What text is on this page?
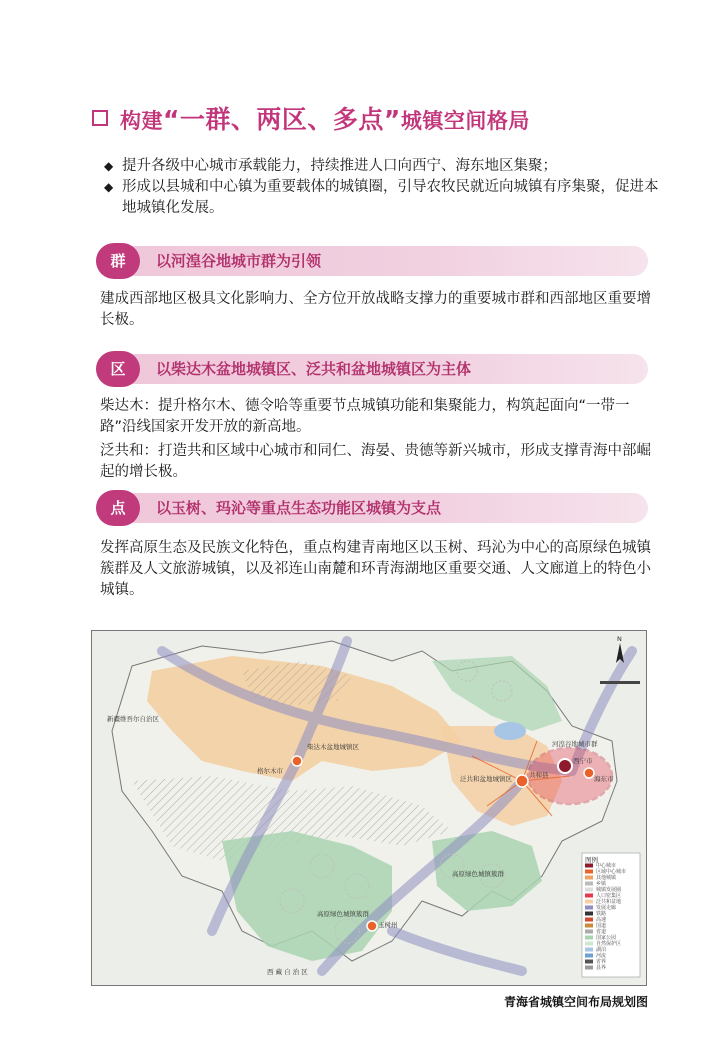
构建“一群、两区、多点”城镇空间格局
◆ 提升各级中心城市承载能力，持续推进人口向西宁、海东地区集聚；
◆ 形成以县城和中心镇为重要载体的城镇圈，引导农牧民就近向城镇有序集聚，促进本地城镇化发展。
群	以河湟谷地城市群为引领
建成西部地区极具文化影响力、全方位开放战略支撑力的重要城市群和西部地区重要增长极。
区	以柴达木盆地城镇区、泛共和盆地城镇区为主体
柴达木：提升格尔木、德令哈等重要节点城镇功能和集聚能力，构筑起面向“一带一路”沿线国家开发开放的新高地。
泛共和：打造共和区域中心城市和同仁、海晏、贵德等新兴城市，形成支撑青海中部崛起的增长极。
点	以玉树、玛沁等重点生态功能区城镇为支点
发挥高原生态及民族文化特色，重点构建青南地区以玉树、玛沁为中心的高原绿色城镇簇群及人文旅游城镇，以及祁连山南麓和环青海湖地区重要交通、人文廊道上的特色小城镇。
新疆维吾尔自治区
西 藏 自 治 区
柴达木盆地城镇区
格尔木市
泛共和盆地城镇区	共和县
河湟谷地城市群
西宁市
海东市
高原绿色城镇簇群
玉树州
高原绿色城镇簇群
N
图例
中心城市
区域中心城市
其他城镇
乡镇
城镇发展圈
人口密集区
泛共和盆地
发展走廊
铁路
高速
国道
省道
国家公园
自然保护区
湖泊
河流
省界
县界
青海省城镇空间布局规划图
